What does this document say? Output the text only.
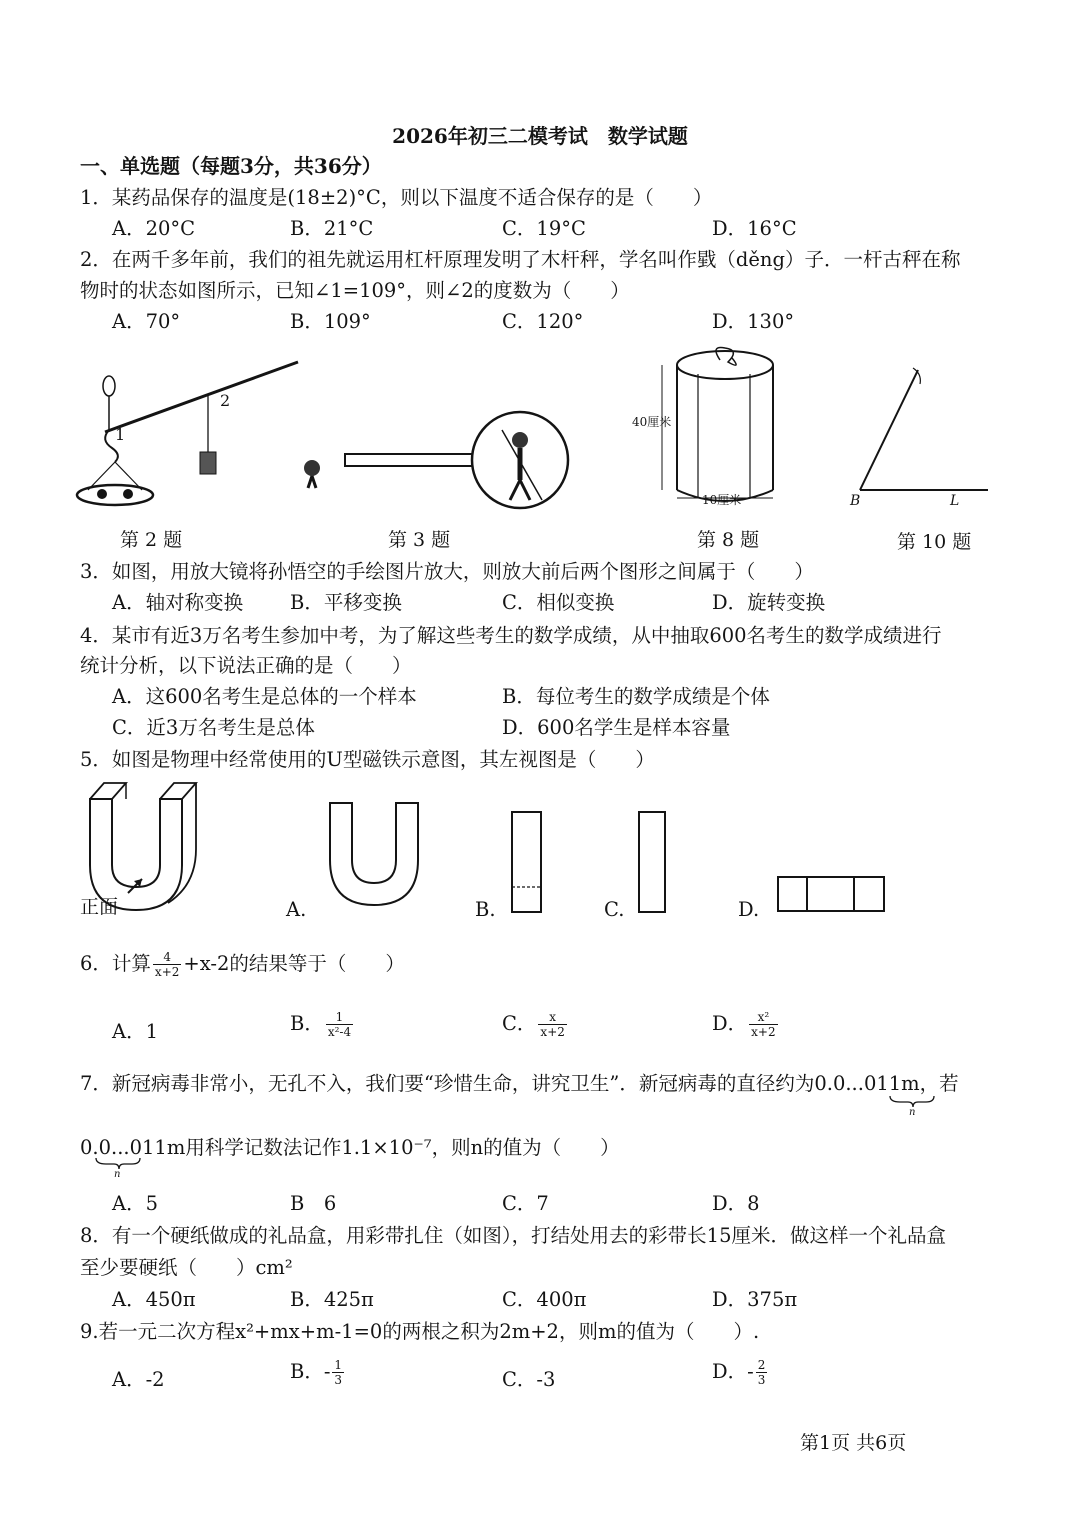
2026年初三二模考试　数学试题
一、单选题（每题3分，共36分）
1．某药品保存的温度是(18±2)°C，则以下温度不适合保存的是（　　）
A．20°C	B．21°C	C．19°C	D．16°C
2．在两千多年前，我们的祖先就运用杠杆原理发明了木杆秤，学名叫作戥（děng）子．一杆古秤在称
物时的状态如图所示，已知∠1=109°，则∠2的度数为（　　）
A．70°	B．109°	C．120°	D．130°
2
1
40厘米
10厘米	B	L
第 2 题	第 3 题	第 8 题	第 10 题
3．如图，用放大镜将孙悟空的手绘图片放大，则放大前后两个图形之间属于（　　）
A．轴对称变换 B．平移变换	C．相似变换	D．旋转变换
4．某市有近3万名考生参加中考，为了解这些考生的数学成绩，从中抽取600名考生的数学成绩进行
统计分析，以下说法正确的是（　　）
A．这600名考生是总体的一个样本	B．每位考生的数学成绩是个体
C．近3万名考生是总体	D．600名学生是样本容量
5．如图是物理中经常使用的U型磁铁示意图，其左视图是（　　）
正面	A.	B.	C.	D.
6．计算 $\frac{4}{x+2} +x-2$的结果等于（　　）
A．1	B． $\frac{1}{\text{x²-4}}$	C． $\frac{x}{x+2}$	D． $\frac{\text{x²}}{x+2}$
7．新冠病毒非常小，无孔不入，我们要“珍惜生命，讲究卫生”．新冠病毒的直径约为0.0...011m，若
n
0.0...011m用科学记数法记作1.1×10⁻⁷，则n的值为（　　）
n
A．5	B　6	C．7	D．8
8．有一个硬纸做成的礼品盒，用彩带扎住（如图），打结处用去的彩带长15厘米．做这样一个礼品盒
至少要硬纸（　　）cm²
A．450π	B．425π	C．400π	D．375π
9.若一元二次方程x²+mx+m-1=0的两根之积为2m+2，则m的值为（　　）.
A．-2	B．- $\frac{1}{3}$	C．-3	D．- $\frac{2}{3}$
第1页 共6页
